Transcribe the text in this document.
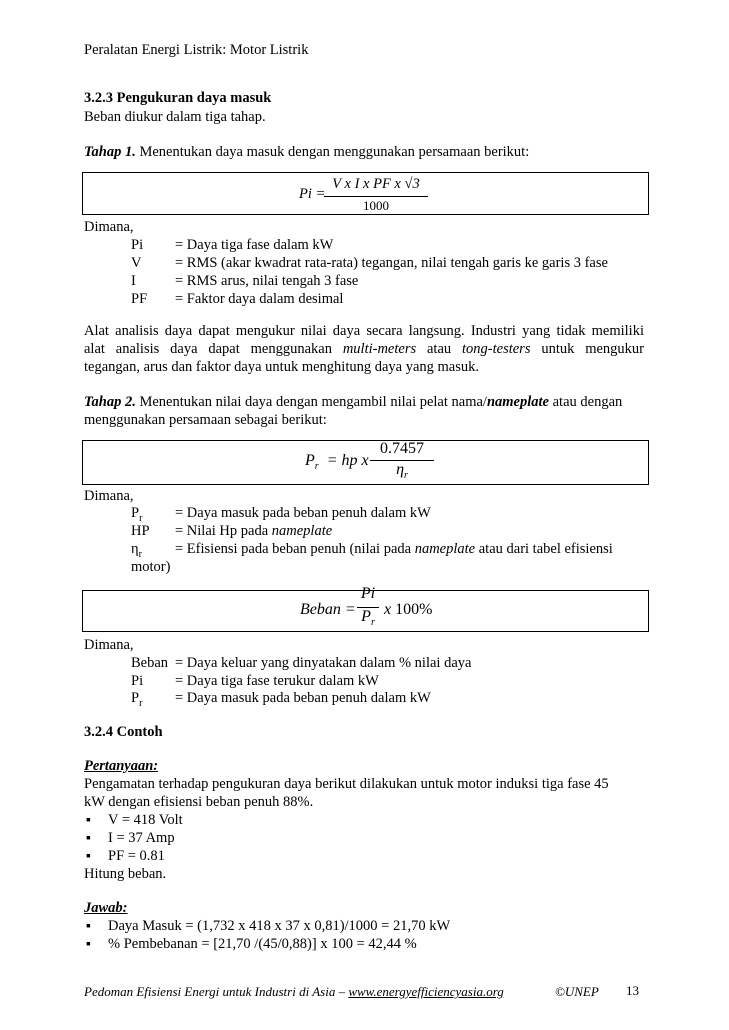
Peralatan Energi Listrik: Motor Listrik
3.2.3 Pengukuran daya masuk
Beban diukur dalam tiga tahap.
Tahap 1. Menentukan daya masuk dengan menggunakan persamaan berikut:
Pi =
V x I x PF x √3
1000
Dimana,
Pi = Daya tiga fase dalam kW
V = RMS (akar kwadrat rata-rata) tegangan, nilai tengah garis ke garis 3 fase
I	= RMS arus, nilai tengah 3 fase
PF = Faktor daya dalam desimal
Alat analisis daya dapat mengukur nilai daya secara langsung. Industri yang tidak memiliki
alat analisis daya dapat menggunakan multi-meters atau tong-testers untuk mengukur
tegangan, arus dan faktor daya untuk menghitung daya yang masuk.
Tahap 2. Menentukan nilai daya dengan mengambil nilai pelat nama/nameplate atau dengan
menggunakan persamaan sebagai berikut:
$P_r$ = hp x
0.7457
$\eta_r$
Dimana,
$P_r$ = Daya masuk pada beban penuh dalam kW
HP = Nilai Hp pada nameplate
$\eta_r$ = Efisiensi pada beban penuh (nilai pada nameplate atau dari tabel efisiensi
motor)
Beban =
Pi
$P_r$
x 100%
Dimana,
Beban = Daya keluar yang dinyatakan dalam % nilai daya
Pi = Daya tiga fase terukur dalam kW
$P_r$ = Daya masuk pada beban penuh dalam kW
3.2.4 Contoh
Pertanyaan:
Pengamatan terhadap pengukuran daya berikut dilakukan untuk motor induksi tiga fase 45
kW dengan efisiensi beban penuh 88%.
▪ V = 418 Volt
▪ I = 37 Amp
▪ PF = 0.81
Hitung beban.
Jawab:
▪ Daya Masuk = (1,732 x 418 x 37 x 0,81)/1000 = 21,70 kW
▪ % Pembebanan = [21,70 /(45/0,88)] x 100 = 42,44 %
Pedoman Efisiensi Energi untuk Industri di Asia – www.energyefficiencyasia.org	©UNEP 13
